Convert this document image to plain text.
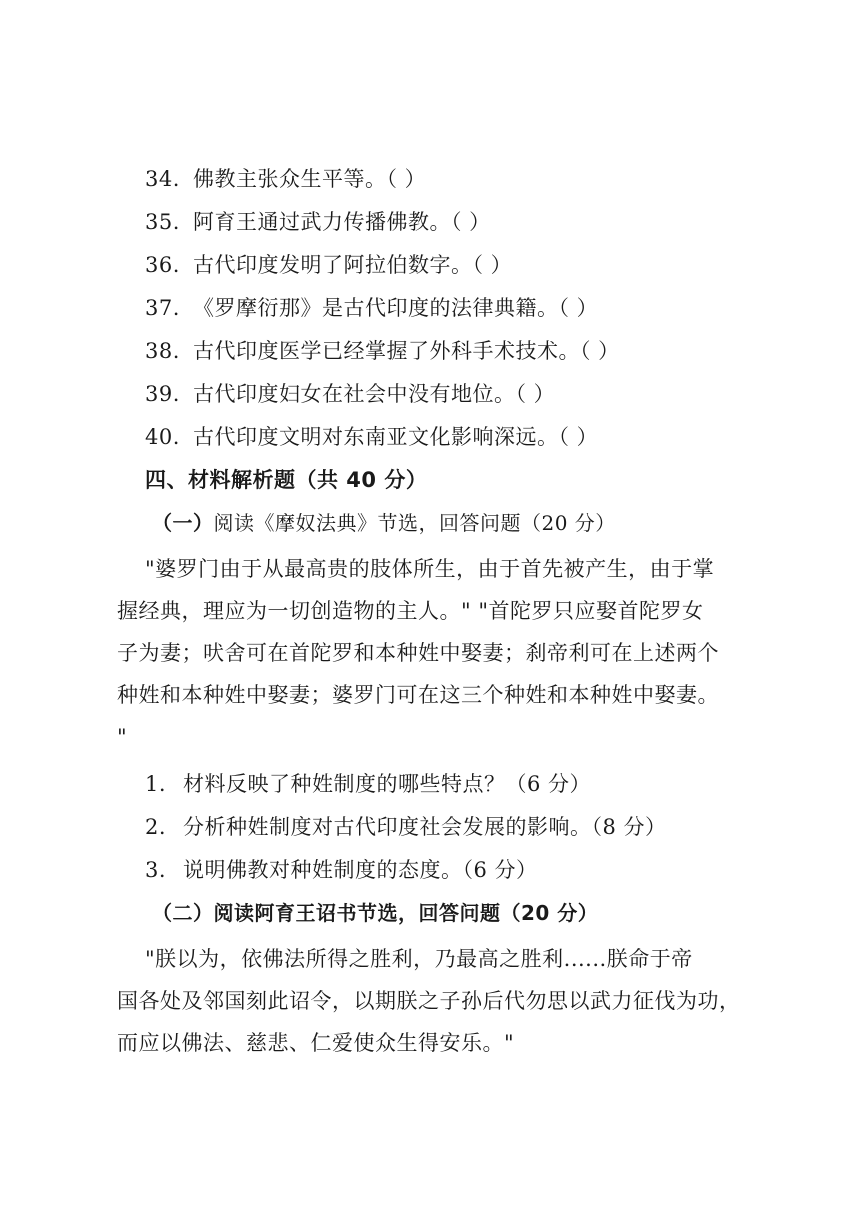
34. 佛教主张众生平等。（ ）
35. 阿育王通过武力传播佛教。（ ）
36. 古代印度发明了阿拉伯数字。（ ）
37. 《罗摩衍那》是古代印度的法律典籍。（ ）
38. 古代印度医学已经掌握了外科手术技术。（ ）
39. 古代印度妇女在社会中没有地位。（ ）
40. 古代印度文明对东南亚文化影响深远。（ ）
四、材料解析题（共 40 分）
（一）阅读《摩奴法典》节选，回答问题（20 分）
"婆罗门由于从最高贵的肢体所生，由于首先被产生，由于掌
握经典，理应为一切创造物的主人。" "首陀罗只应娶首陀罗女
子为妻；吠舍可在首陀罗和本种姓中娶妻；刹帝利可在上述两个
种姓和本种姓中娶妻；婆罗门可在这三个种姓和本种姓中娶妻。
"
1. 材料反映了种姓制度的哪些特点？（6 分）
2. 分析种姓制度对古代印度社会发展的影响。（8 分）
3. 说明佛教对种姓制度的态度。（6 分）
（二）阅读阿育王诏书节选，回答问题（20 分）
"朕以为，依佛法所得之胜利，乃最高之胜利......朕命于帝
国各处及邻国刻此诏令，以期朕之子孙后代勿思以武力征伐为功，
而应以佛法、慈悲、仁爱使众生得安乐。"
